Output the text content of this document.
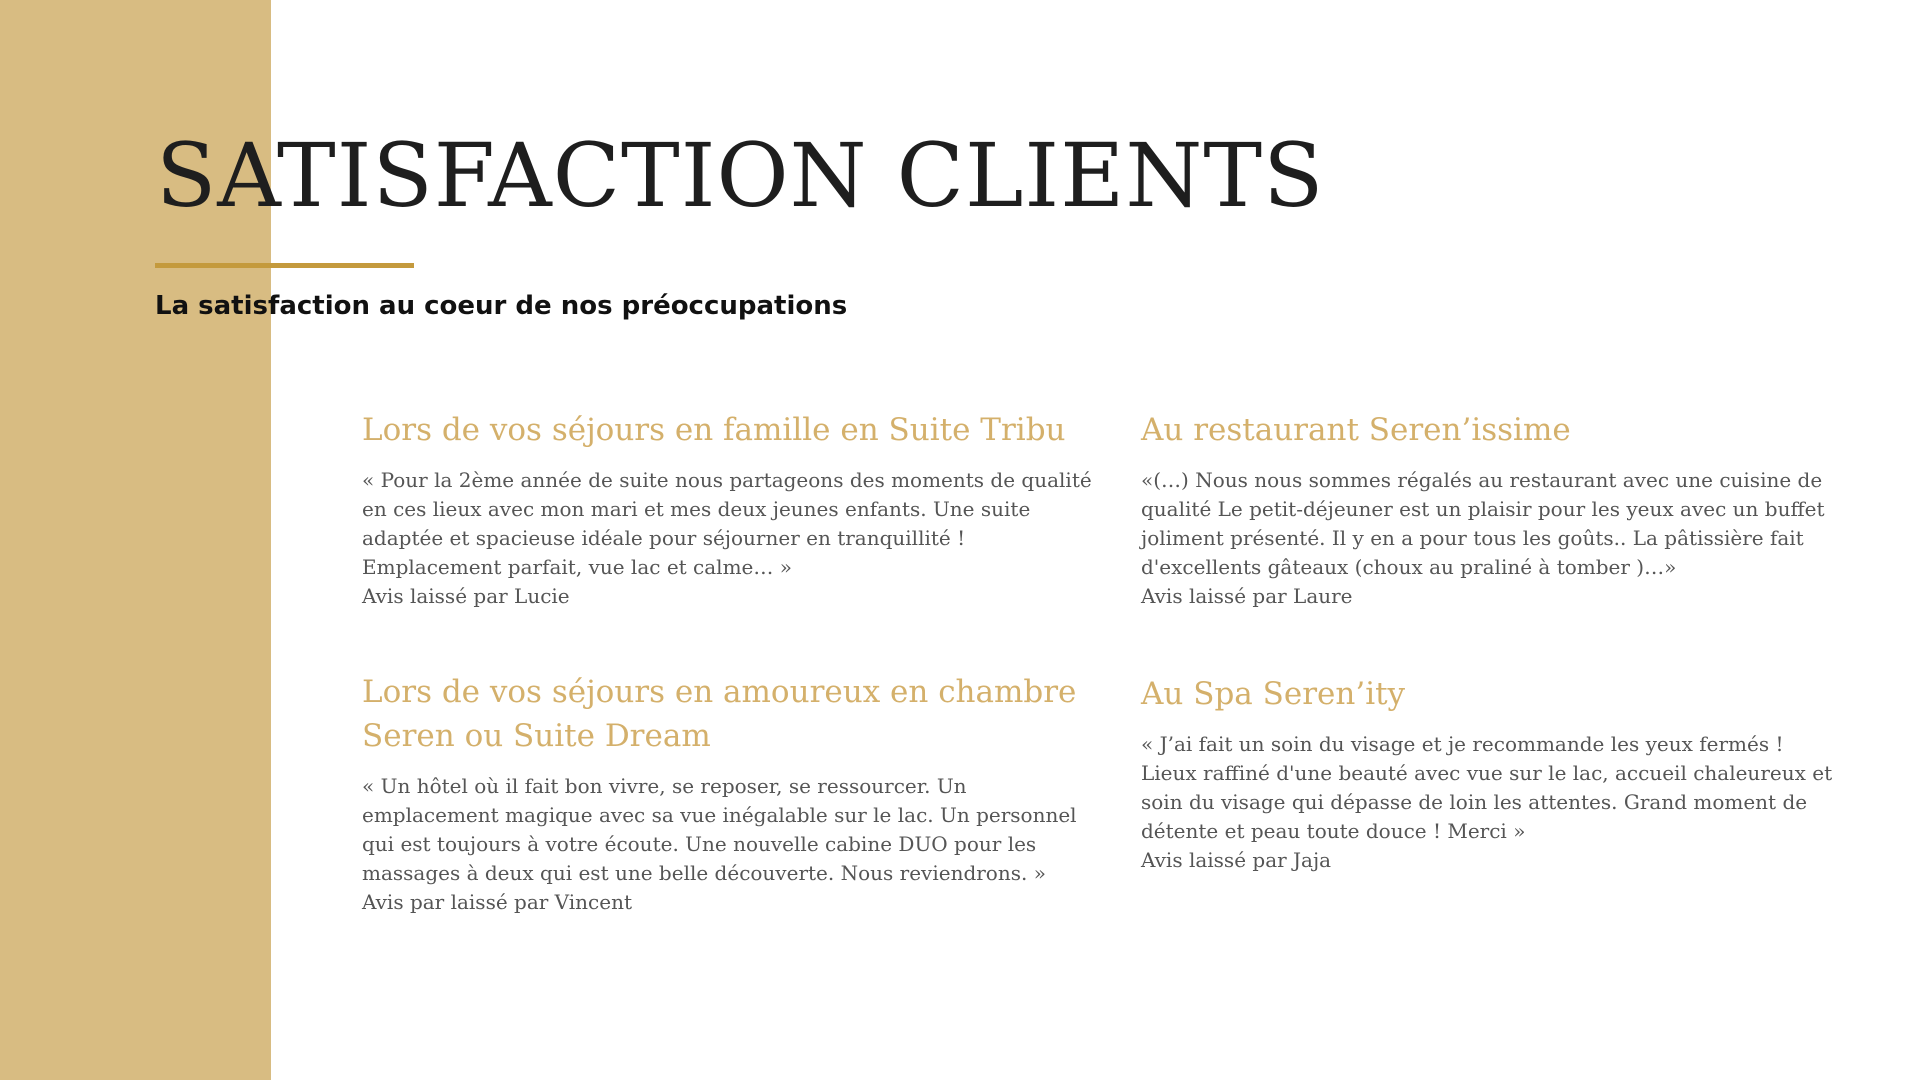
SATISFACTION CLIENTS
La satisfaction au coeur de nos préoccupations
Lors de vos séjours en famille en Suite Tribu

« Pour la 2ème année de suite nous partageons des moments de qualité en ces lieux avec mon mari et mes deux jeunes enfants. Une suite adaptée et spacieuse idéale pour séjourner en tranquillité ! Emplacement parfait, vue lac et calme… »

Avis laissé par Lucie

Au restaurant Seren’issime

«(…) Nous nous sommes régalés au restaurant avec une cuisine de qualité Le petit-déjeuner est un plaisir pour les yeux avec un buffet joliment présenté. Il y en a pour tous les goûts.. La pâtissière fait d'excellents gâteaux (choux au praliné à tomber )…»

Avis laissé par Laure

Lors de vos séjours en amoureux en chambre Seren ou Suite Dream

« Un hôtel où il fait bon vivre, se reposer, se ressourcer. Un emplacement magique avec sa vue inégalable sur le lac. Un personnel qui est toujours à votre écoute. Une nouvelle cabine DUO pour les massages à deux qui est une belle découverte. Nous reviendrons. »

Avis par laissé par Vincent

Au Spa Seren’ity

« J’ai fait un soin du visage et je recommande les yeux fermés ! Lieux raffiné d'une beauté avec vue sur le lac, accueil chaleureux et soin du visage qui dépasse de loin les attentes. Grand moment de détente et peau toute douce ! Merci »

Avis laissé par Jaja
